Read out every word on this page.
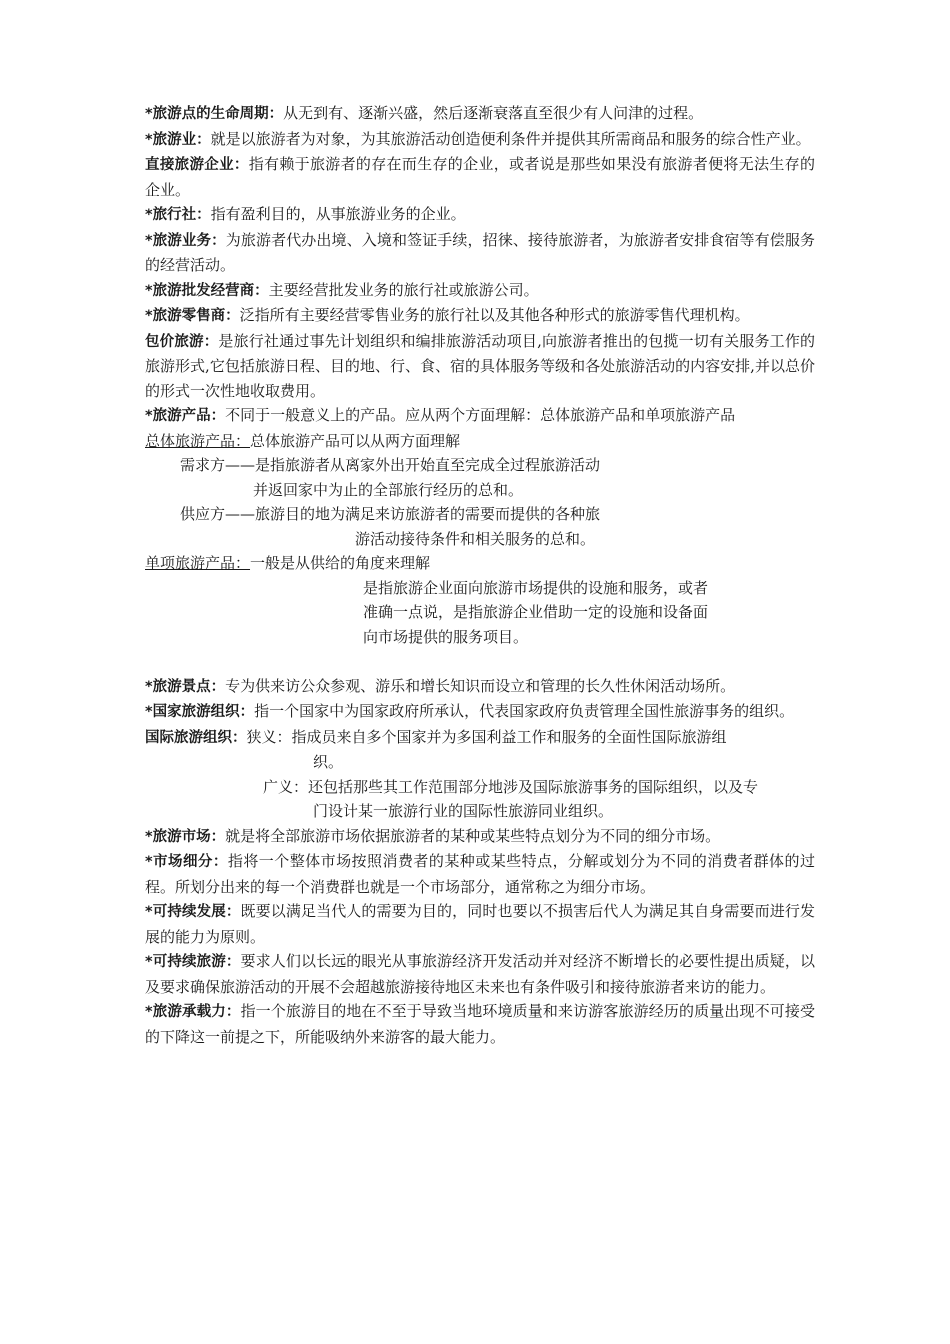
*旅游点的生命周期：从无到有、逐渐兴盛，然后逐渐衰落直至很少有人问津的过程。

*旅游业：就是以旅游者为对象，为其旅游活动创造便利条件并提供其所需商品和服务的综合性产业。

直接旅游企业：指有赖于旅游者的存在而生存的企业，或者说是那些如果没有旅游者便将无法生存的企业。

*旅行社：指有盈利目的，从事旅游业务的企业。

*旅游业务：为旅游者代办出境、入境和签证手续，招徕、接待旅游者，为旅游者安排食宿等有偿服务的经营活动。

*旅游批发经营商：主要经营批发业务的旅行社或旅游公司。

*旅游零售商：泛指所有主要经营零售业务的旅行社以及其他各种形式的旅游零售代理机构。

包价旅游：是旅行社通过事先计划组织和编排旅游活动项目,向旅游者推出的包揽一切有关服务工作的旅游形式,它包括旅游日程、目的地、行、食、宿的具体服务等级和各处旅游活动的内容安排,并以总价的形式一次性地收取费用。

*旅游产品：不同于一般意义上的产品。应从两个方面理解：总体旅游产品和单项旅游产品

总体旅游产品：总体旅游产品可以从两方面理解

需求方——是指旅游者从离家外出开始直至完成全过程旅游活动

并返回家中为止的全部旅行经历的总和。

供应方——旅游目的地为满足来访旅游者的需要而提供的各种旅

游活动接待条件和相关服务的总和。

单项旅游产品：一般是从供给的角度来理解

是指旅游企业面向旅游市场提供的设施和服务，或者

准确一点说，是指旅游企业借助一定的设施和设备面

向市场提供的服务项目。

*旅游景点：专为供来访公众参观、游乐和增长知识而设立和管理的长久性休闲活动场所。

*国家旅游组织：指一个国家中为国家政府所承认，代表国家政府负责管理全国性旅游事务的组织。

国际旅游组织：狭义：指成员来自多个国家并为多国利益工作和服务的全面性国际旅游组

织。

广义：还包括那些其工作范围部分地涉及国际旅游事务的国际组织，以及专

门设计某一旅游行业的国际性旅游同业组织。

*旅游市场：就是将全部旅游市场依据旅游者的某种或某些特点划分为不同的细分市场。

*市场细分：指将一个整体市场按照消费者的某种或某些特点，分解或划分为不同的消费者群体的过程。所划分出来的每一个消费群也就是一个市场部分，通常称之为细分市场。

*可持续发展：既要以满足当代人的需要为目的，同时也要以不损害后代人为满足其自身需要而进行发展的能力为原则。

*可持续旅游：要求人们以长远的眼光从事旅游经济开发活动并对经济不断增长的必要性提出质疑，以及要求确保旅游活动的开展不会超越旅游接待地区未来也有条件吸引和接待旅游者来访的能力。

*旅游承载力：指一个旅游目的地在不至于导致当地环境质量和来访游客旅游经历的质量出现不可接受的下降这一前提之下，所能吸纳外来游客的最大能力。
